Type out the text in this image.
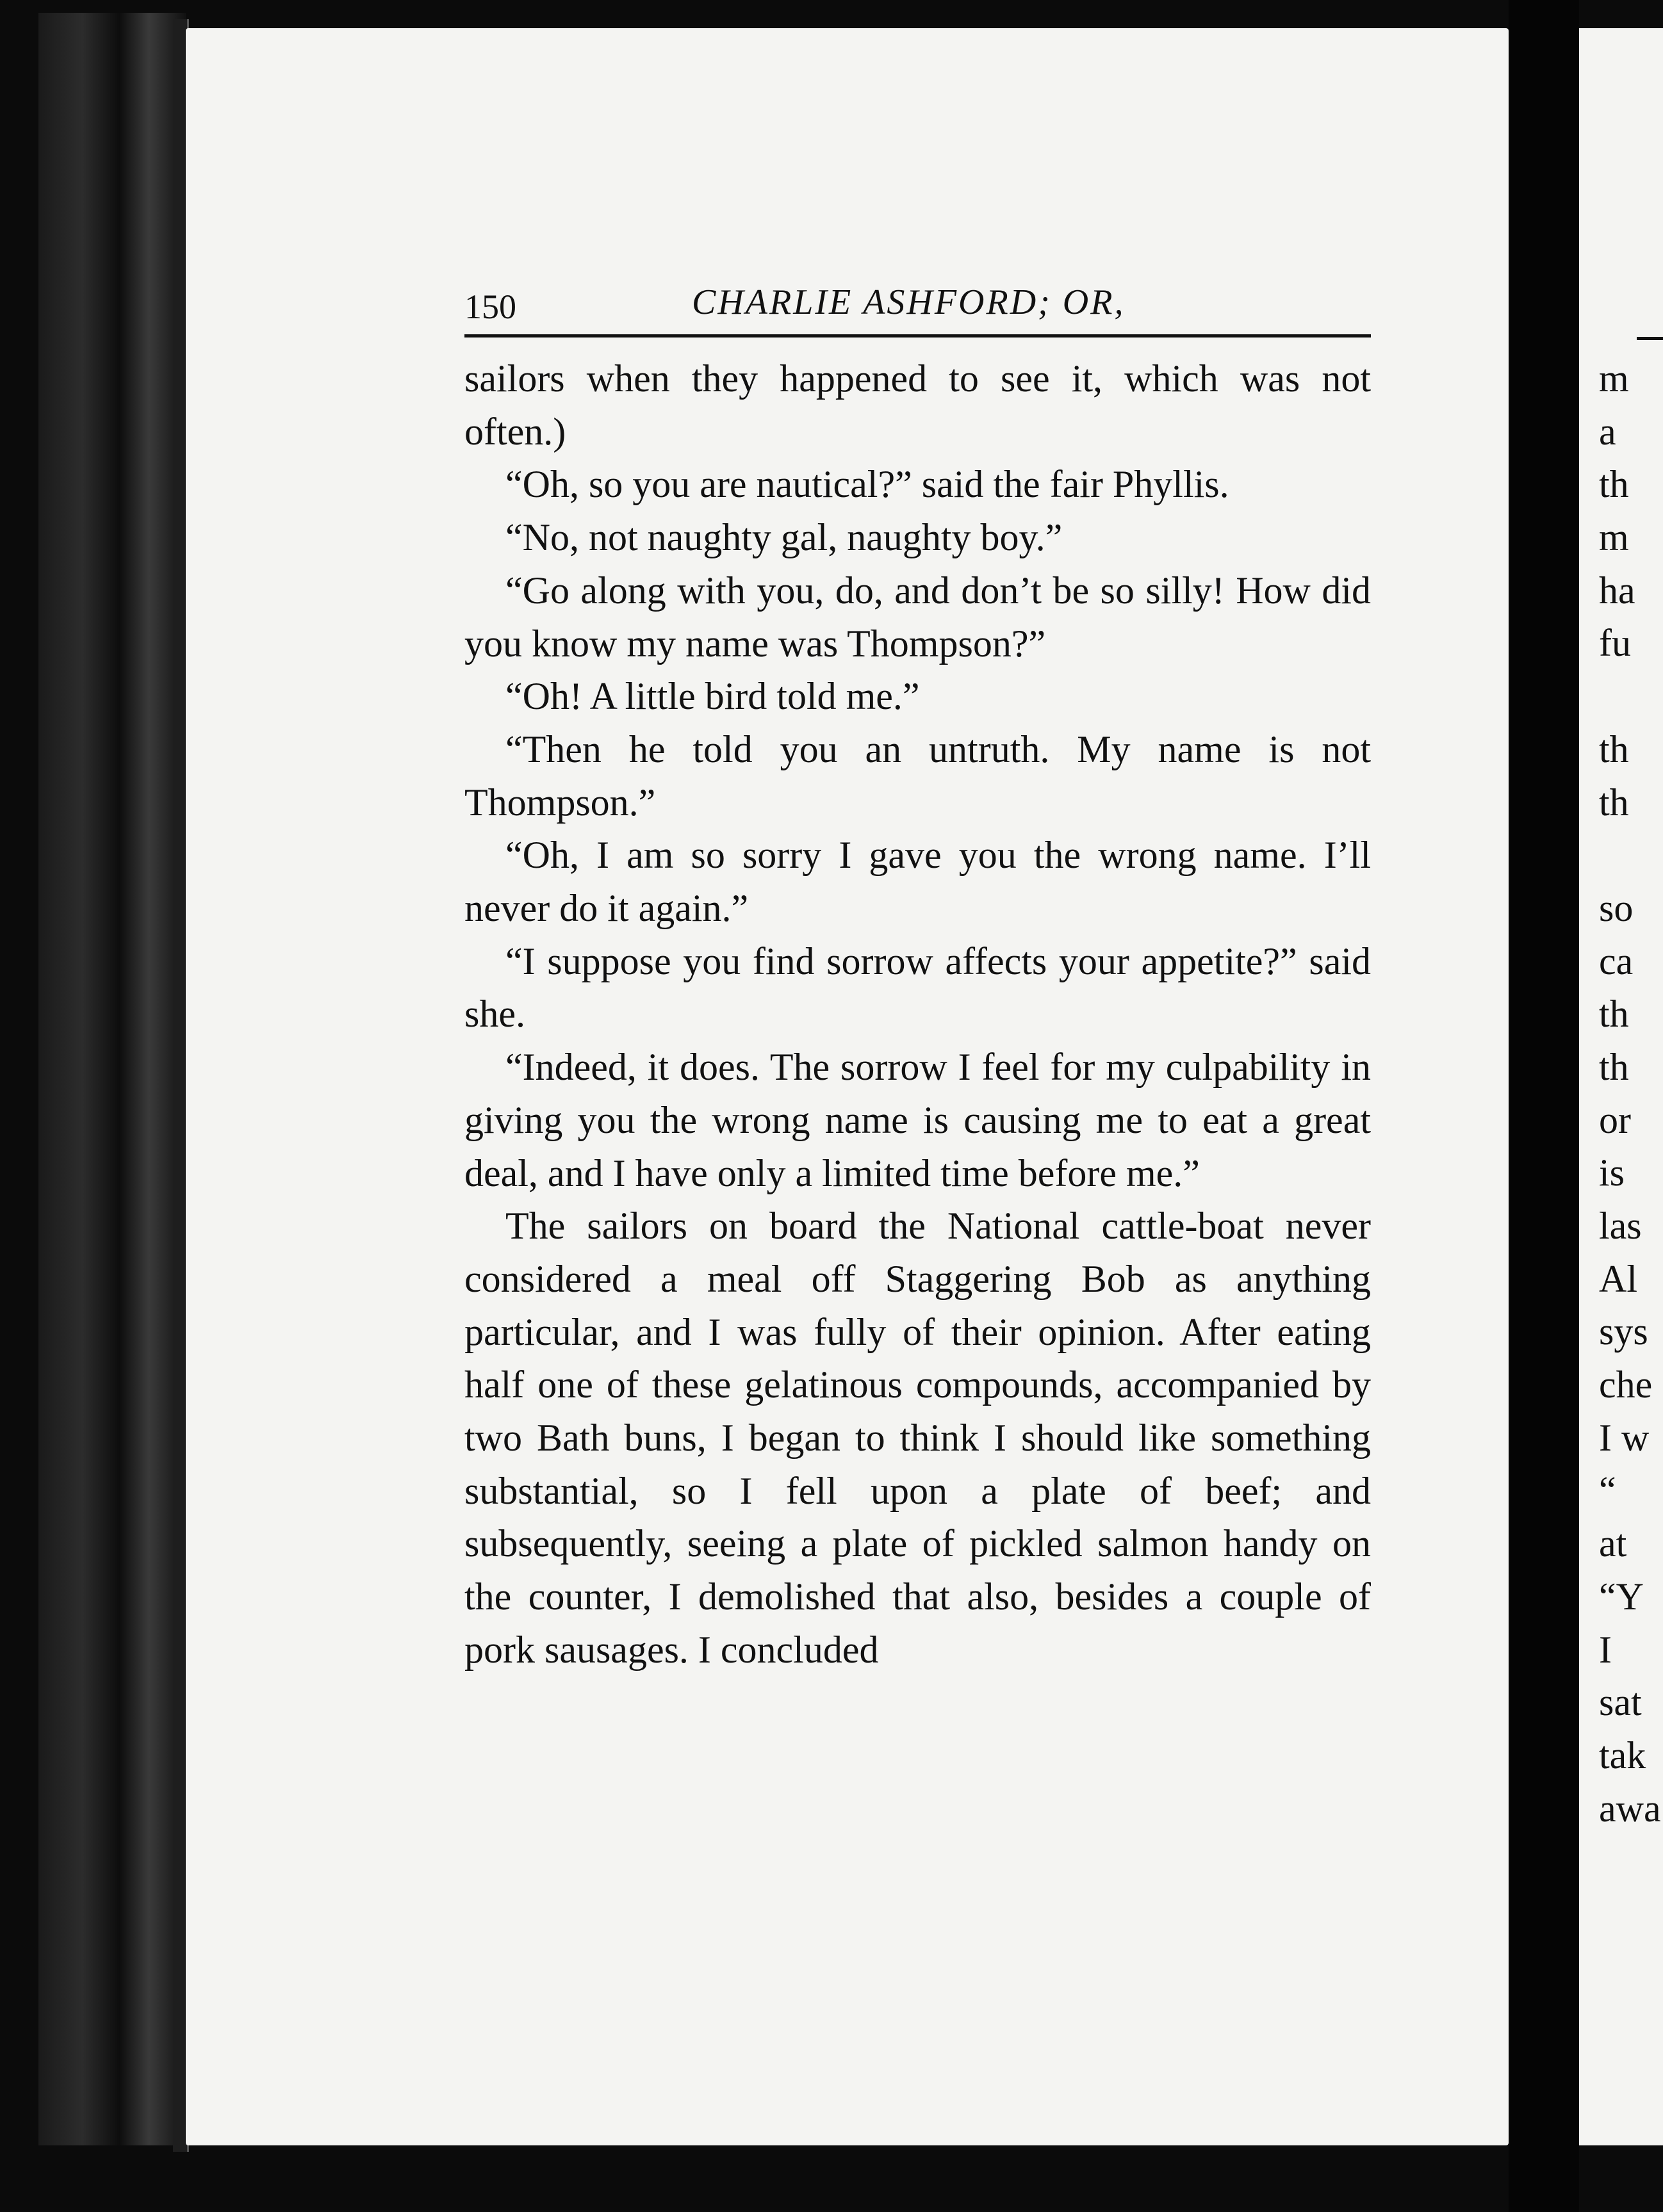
150	CHARLIE ASHFORD; OR,

sailors when they happened to see it, which was not often.)

“Oh, so you are nautical?” said the fair Phyllis.

“No, not naughty gal, naughty boy.”

“Go along with you, do, and don’t be so silly! How did you know my name was Thompson?”

“Oh! A little bird told me.”

“Then he told you an untruth. My name is not Thompson.”

“Oh, I am so sorry I gave you the wrong name. I’ll never do it again.”

“I suppose you find sorrow affects your appetite?” said she.

“Indeed, it does. The sorrow I feel for my culpability in giving you the wrong name is causing me to eat a great deal, and I have only a limited time before me.”

The sailors on board the National cattle-boat never considered a meal off Staggering Bob as anything particular, and I was fully of their opinion. After eating half one of these gelatinous compounds, accompanied by two Bath buns, I began to think I should like something substantial, so I fell upon a plate of beef; and subsequently, seeing a plate of pickled salmon handy on the counter, I demolished that also, besides a couple of pork sausages. I concluded

m
a
th
m
ha
fu
th
th
so
ca
th
th
or
is
las
Al
sys
che
I w
“
at
“Y
I
sat
tak
awa
